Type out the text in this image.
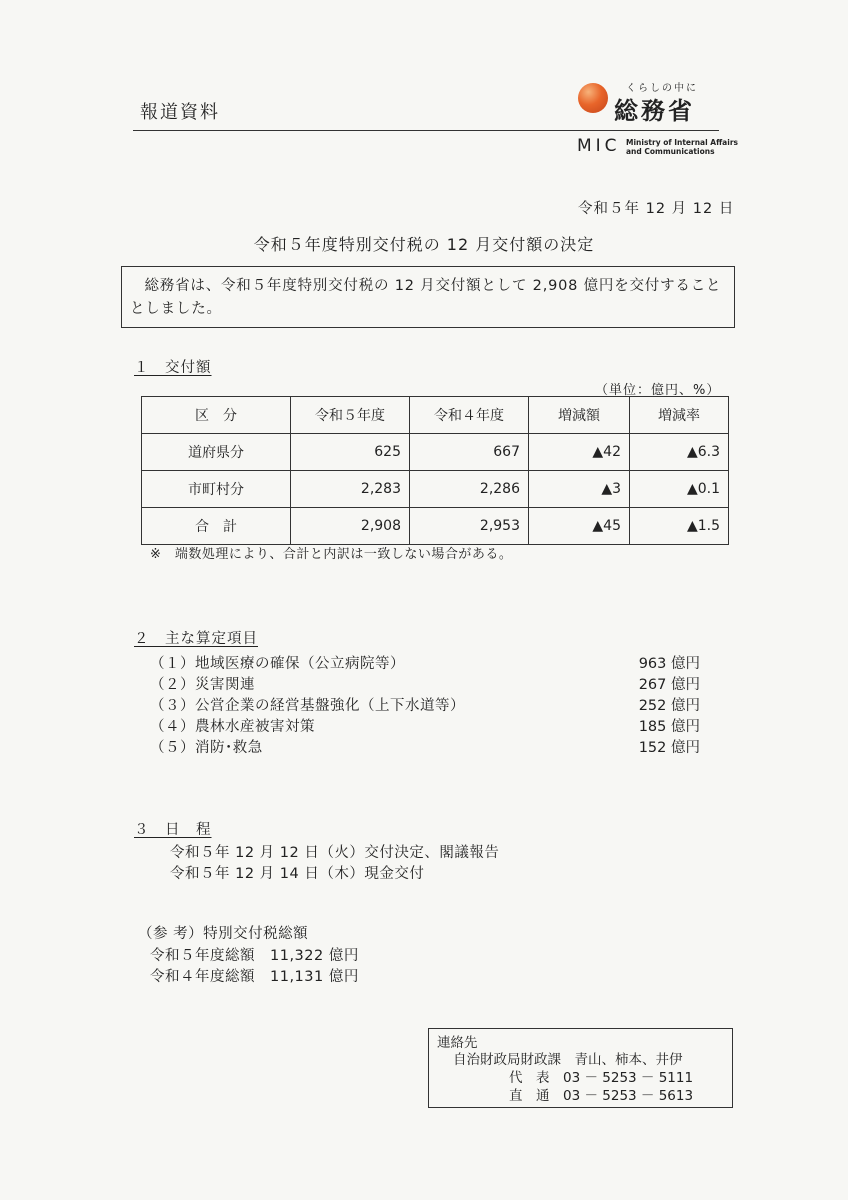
報道資料
くらしの中に
総務省
MIC Ministry of Internal Affairs
and Communications
令和５年 12 月 12 日
令和５年度特別交付税の 12 月交付額の決定
総務省は、令和５年度特別交付税の 12 月交付額として 2,908 億円を交付することとしました。
１　交付額
（単位：億円、%）
区　分	令和５年度	令和４年度	増減額	増減率
道府県分	625	667	▲42	▲6.3
市町村分	2,283	2,286	▲3	▲0.1
合　計	2,908	2,953	▲45	▲1.5
※　端数処理により、合計と内訳は一致しない場合がある。
２　主な算定項目
（１）地域医療の確保（公立病院等）	963 億円
（２）災害関連	267 億円
（３）公営企業の経営基盤強化（上下水道等）	252 億円
（４）農林水産被害対策	185 億円
（５）消防･救急	152 億円
３　日　程
令和５年 12 月 12 日（火）交付決定、閣議報告
令和５年 12 月 14 日（木）現金交付
（参 考）特別交付税総額
令和５年度総額　11,322 億円
令和４年度総額　11,131 億円
連絡先
自治財政局財政課　青山、柿本、井伊
代　表　03 － 5253 － 5111
直　通　03 － 5253 － 5613
